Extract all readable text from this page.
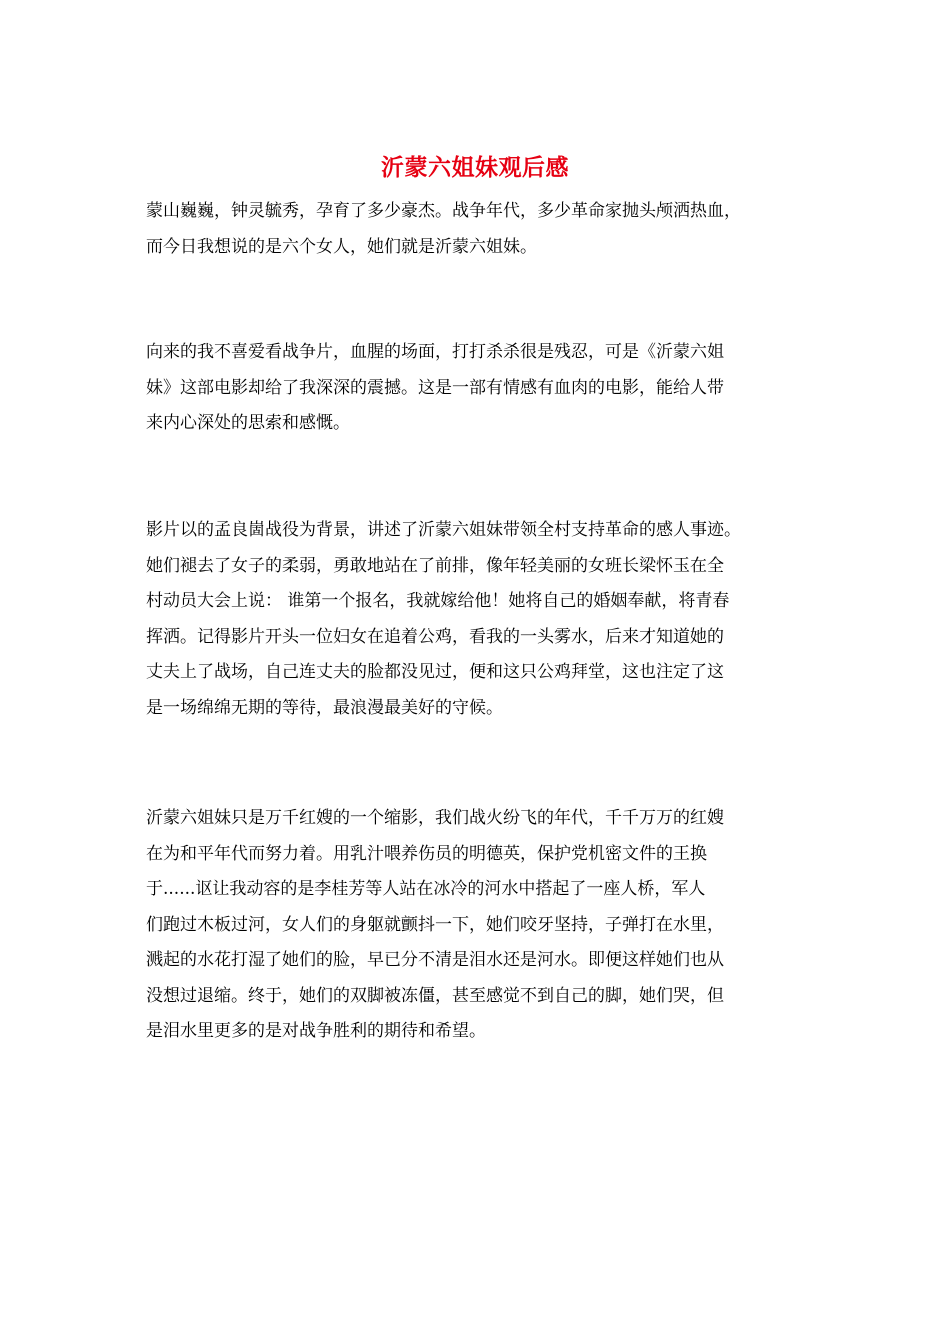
沂蒙六姐妹观后感
蒙山巍巍，钟灵毓秀，孕育了多少豪杰。战争年代，多少革命家抛头颅洒热血，
而今日我想说的是六个女人，她们就是沂蒙六姐妹。
向来的我不喜爱看战争片，血腥的场面，打打杀杀很是残忍，可是《沂蒙六姐
妹》这部电影却给了我深深的震撼。这是一部有情感有血肉的电影，能给人带
来内心深处的思索和感慨。
影片以的孟良崮战役为背景，讲述了沂蒙六姐妹带领全村支持革命的感人事迹。
她们褪去了女子的柔弱，勇敢地站在了前排，像年轻美丽的女班长梁怀玉在全
村动员大会上说： 谁第一个报名，我就嫁给他！她将自己的婚姻奉献，将青春
挥洒。记得影片开头一位妇女在追着公鸡，看我的一头雾水，后来才知道她的
丈夫上了战场，自己连丈夫的脸都没见过，便和这只公鸡拜堂，这也注定了这
是一场绵绵无期的等待，最浪漫最美好的守候。
沂蒙六姐妹只是万千红嫂的一个缩影，我们战火纷飞的年代，千千万万的红嫂
在为和平年代而努力着。用乳汁喂养伤员的明德英，保护党机密文件的王换
于......讴让我动容的是李桂芳等人站在冰冷的河水中搭起了一座人桥，军人
们跑过木板过河，女人们的身躯就颤抖一下，她们咬牙坚持，子弹打在水里，
溅起的水花打湿了她们的脸，早已分不清是泪水还是河水。即便这样她们也从
没想过退缩。终于，她们的双脚被冻僵，甚至感觉不到自己的脚，她们哭，但
是泪水里更多的是对战争胜利的期待和希望。
